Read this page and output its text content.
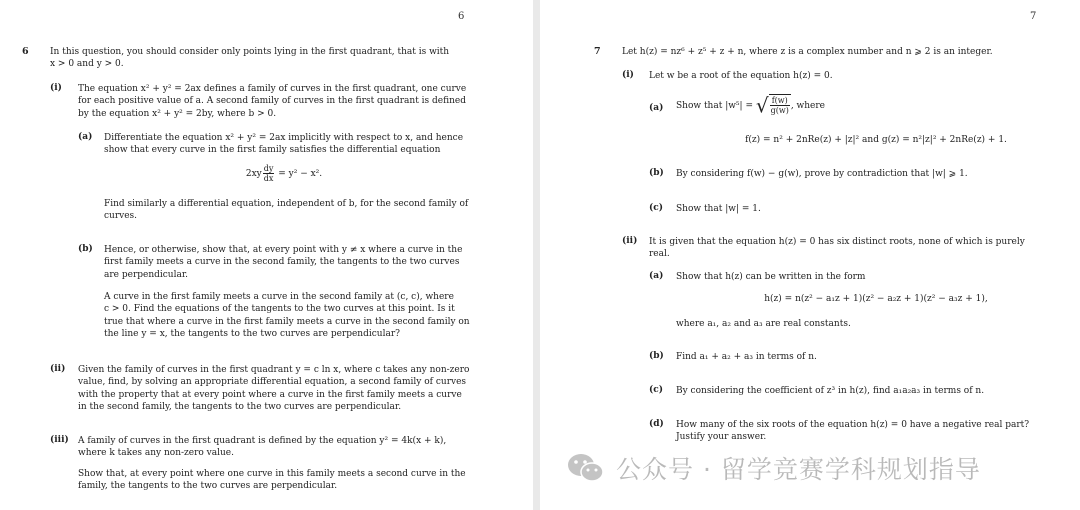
6
6 In this question, you should consider only points lying in the first quadrant, that is with
x > 0 and y > 0.
(i) The equation x² + y² = 2ax defines a family of curves in the first quadrant, one curve
for each positive value of a. A second family of curves in the first quadrant is defined
by the equation x² + y² = 2by, where b > 0.
(a) Differentiate the equation x² + y² = 2ax implicitly with respect to x, and hence
show that every curve in the first family satisfies the differential equation
$2xy \frac{dy}{dx} = y^2 - x^2$.
Find similarly a differential equation, independent of b, for the second family of
curves.
(b) Hence, or otherwise, show that, at every point with y ≠ x where a curve in the
first family meets a curve in the second family, the tangents to the two curves
are perpendicular.
A curve in the first family meets a curve in the second family at (c, c), where
c > 0. Find the equations of the tangents to the two curves at this point. Is it
true that where a curve in the first family meets a curve in the second family on
the line y = x, the tangents to the two curves are perpendicular?
(ii) Given the family of curves in the first quadrant y = c ln x, where c takes any non-zero
value, find, by solving an appropriate differential equation, a second family of curves
with the property that at every point where a curve in the first family meets a curve
in the second family, the tangents to the two curves are perpendicular.
(iii) A family of curves in the first quadrant is defined by the equation y² = 4k(x + k),
where k takes any non-zero value.
Show that, at every point where one curve in this family meets a second curve in the
family, the tangents to the two curves are perpendicular.
7
7 Let h(z) = nz⁶ + z⁵ + z + n, where z is a complex number and n ⩾ 2 is an integer.
(i) Let w be a root of the equation h(z) = 0.
(a) Show that |w⁵| = √ $\frac{f(w)}{g(w)}$ , where
f(z) = n² + 2nRe(z) + |z|² and g(z) = n²|z|² + 2nRe(z) + 1.
(b) By considering f(w) − g(w), prove by contradiction that |w| ⩾ 1.
(c) Show that |w| = 1.
(ii) It is given that the equation h(z) = 0 has six distinct roots, none of which is purely
real.
(a) Show that h(z) can be written in the form
h(z) = n(z² − a₁z + 1)(z² − a₂z + 1)(z² − a₃z + 1),
where a₁, a₂ and a₃ are real constants.
(b) Find a₁ + a₂ + a₃ in terms of n.
(c) By considering the coefficient of z³ in h(z), find a₁a₂a₃ in terms of n.
(d) How many of the six roots of the equation h(z) = 0 have a negative real part?
Justify your answer.
公众号 · 留学竞赛学科规划指导
